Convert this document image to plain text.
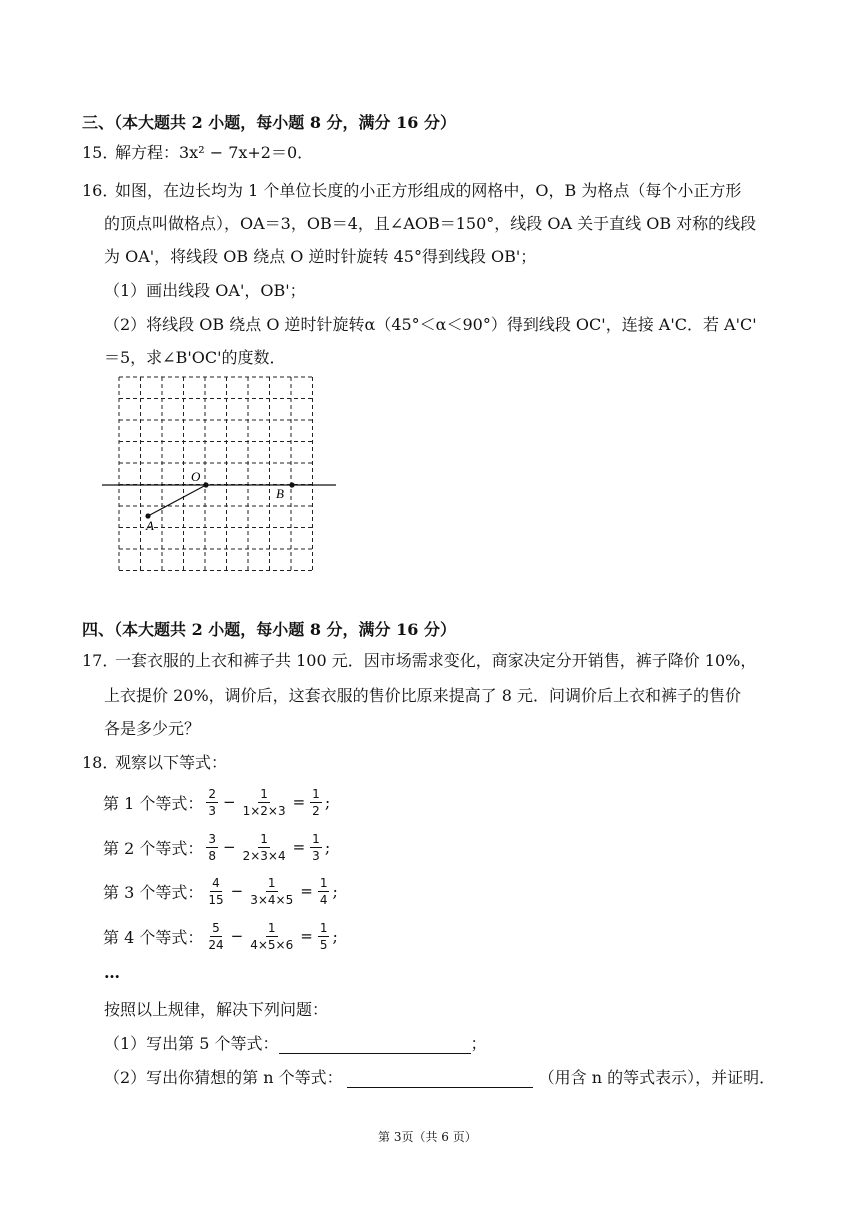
三、（本大题共 2 小题，每小题 8 分，满分 16 分）
15．
解方程：3x² − 7x+2＝0．
16．
如图，在边长均为 1 个单位长度的小正方形组成的网格中，O，B 为格点（每个小正方形
的顶点叫做格点），OA＝3，OB＝4，且∠AOB＝150°，线段 OA 关于直线 OB 对称的线段
为 OA'，将线段 OB 绕点 O 逆时针旋转 45°得到线段 OB'；
（1）画出线段 OA'，OB'；
（2）将线段 OB 绕点 O 逆时针旋转α（45°＜α＜90°）得到线段 OC'，连接 A'C．若 A'C'
＝5，求∠B'OC'的度数．
O
B
A
四、（本大题共 2 小题，每小题 8 分，满分 16 分）
17．
一套衣服的上衣和裤子共 100 元．因市场需求变化，商家决定分开销售，裤子降价 10%，
上衣提价 20%，调价后，这套衣服的售价比原来提高了 8 元．问调价后上衣和裤子的售价
各是多少元？
18．
观察以下等式：
第 1 个等式： $\frac{2}{3} - \frac{1}{1\times 2\times 3} = \frac{1}{2}$ ;
第 2 个等式： $\frac{3}{8} - \frac{1}{2\times 3\times 4} = \frac{1}{3}$ ;
第 3 个等式： $\frac{4}{15} - \frac{1}{3\times 4\times 5} = \frac{1}{4}$ ;
第 4 个等式： $\frac{5}{24} - \frac{1}{4\times 5\times 6} = \frac{1}{5}$ ;
…
按照以上规律，解决下列问题：
（1）写出第 5 个等式：	；
（2）写出你猜想的第 n 个等式：	（用含 n 的等式表示），并证明．
第 3页（共 6 页）
